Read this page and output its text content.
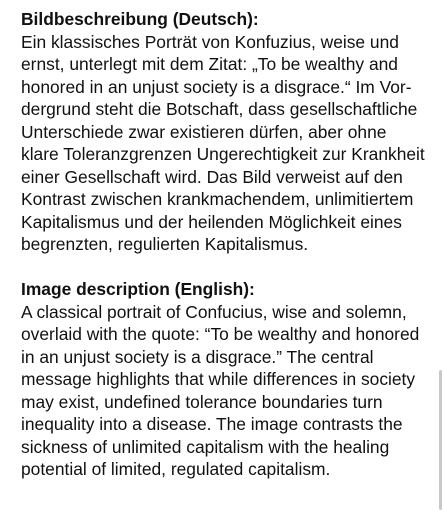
Bildbeschreibung (Deutsch):

Ein klassisches Porträt von Konfuzius, weise und

ernst, unterlegt mit dem Zitat: „To be wealthy and

honored in an unjust society is a disgrace.“ Im Vor-

dergrund steht die Botschaft, dass gesellschaftliche

Unterschiede zwar existieren dürfen, aber ohne

klare Toleranzgrenzen Ungerechtigkeit zur Krankheit

einer Gesellschaft wird. Das Bild verweist auf den

Kontrast zwischen krankmachendem, unlimitiertem

Kapitalismus und der heilenden Möglichkeit eines

begrenzten, regulierten Kapitalismus.

Image description (English):

A classical portrait of Confucius, wise and solemn,

overlaid with the quote: “To be wealthy and honored

in an unjust society is a disgrace.” The central

message highlights that while differences in society

may exist, undefined tolerance boundaries turn

inequality into a disease. The image contrasts the

sickness of unlimited capitalism with the healing

potential of limited, regulated capitalism.
